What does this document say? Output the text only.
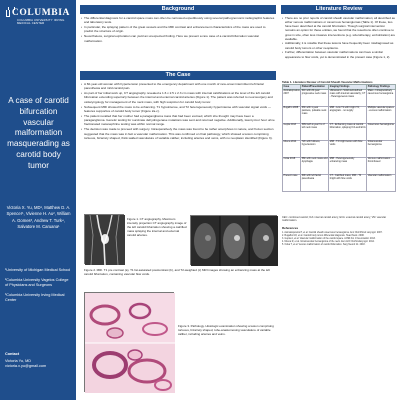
COLUMBIA
COLUMBIA UNIVERSITY IRVING MEDICAL CENTER
A case of carotid bifurcation vascular malformation masquerading as carotid body tumor
Victoria X. Yu, MD¹, Matthew D. A. Spencer¹, Vivienne H. Au², William A. Gomes³, Andrew T. Turk⁴, Salvatore M. Caruana¹

¹University of Michigan Medical School

²Columbia University Vagelos College of Physicians and Surgeons

³Columbia University Irving Medical Center

Contact
Victoria Yu, MD
victoria.x.yu@gmail.com
Background
• The differential diagnosis for a carotid space mass can often be narrowed expeditiously using several pathognomonic radiographic features and laboratory tests.
• In particular, the splaying pattern of the great vessels and the MRI contrast and enhancement characteristics of the mass are used to predict the structure of origin.
• Nevertheless, surgical exploration can yield an unexpected finding. Here we present a rare case of a carotid bifurcation vascular malformation.
The Case
• A 60-year-old woman with hypertension presented to the emergency department with one month of new-onset intermittent left facial paresthesia and mild carotid pain.
• As part of her initial work up, CT angiography revealed a 1.6 x 2.5 x 2.3 cm mass with internal calcifications at the level of the left carotid bifurcation extending superiorly between the internal and external carotid arteries (Figure 1). The patient was referred to neurosurgery and otolaryngology for management of the neck mass, with high suspicion for carotid body tumor.
• Subsequent MRI showed the mass to be enhancing. T1 hypointense, and T2 heterogeneously hyperintense with vascular signal voids — features supportive of carotid body tumor (Figure 2a-c).
• The patient recalled that her mother had a paraganglioma mass that had been excised, which she thought may have been a paraganglioma. Genetic testing for succinate dehydrogenase mutations was sent and returned negative. Additionally, twenty-four hour urine fractionated metanephrine testing was within normal range.
• The decision was made to proceed with surgery. Intraoperatively the mass was found to be rather amorphous in nature, and frozen section suggested that the mass was in fact a vascular malformation. This was confirmed on final pathology, which showed a lesion comprising tortuous, bizarrely shaped, thick-walled vasculature of variable caliber, including arteries and veins, with no neoplasm identified (Figure 3).
Figure 1. CT angiography. Maximum intensity projection CT angiography image of the left carotid bifurcation showing a calcified mass splaying the internal and external carotid arteries.
Figure 2. MRI. T1 pre contrast (a), T1 fat-saturated postcontrast (b), and T2-weighted (c) MRI images showing an enhancing mass at the left carotid bifurcation, containing vascular flow voids.
Figure 3. Pathology. Histologic examination showing a lesion comprising tortuous, bizarrely shaped, tube-anastomosing vasculature of variable caliber, including arteries and veins.
Literature Review
• There are no prior reports of carotid sheath vascular malformation; all described as either venous malformations or cavernous hemangiomas (Table 1). Of these, two have been described at the carotid bifurcation. Though surgical intervention remains an option for these entities, we found that the resections often continue to grow in size, often less invasive interventions (e.g. sclerotherapy, embolization) are available.
• Additionally, it is notable that these lesions have frequently been misdiagnosed as carotid body tumors or other neoplasms.
• Further, differentiation between vascular malformations can have a similar appearance to flow voids, yet is demonstrated in the present case (Figure 1, 2).
Table 1. Literature Review of Carotid Sheath Vascular Malformations
Case	Patient/Presentation	Imaging Findings	Pathology Findings
Asimakopoulos 2007	61F with 20-year progressive neck mass	Ultrasound - Solid well-defined mass with internal vascularity; CT - Heterogeneous mass	Mass - Intraoperatively cavernous hemangioma
Bugalho 2008	63F with 1-year painless, pulsatile neck mass	MRI - Low T1 with bright T2; angiogram - no supply	Multiple vascular spaces - venous malformation
Gupta 2013	39M with 2-year hx of left neck mass	CT - Enhancing mass at carotid bifurcation, splaying ICA and ECA	Cavernous hemangioma
Mrena 2014	72F with fullness, hypertension	MRI - T2 bright lesion with flow voids	Intramuscular hemangioma
Ooka 2018	58F with neck mass and dysphagia	MRI - Heterogeneously enhancing mass	Venous malformation - thrombosed
Present case	60F with left facial paresthesia	CT - Calcified mass; MRI - T2 bright with flow voids	Vascular malformation
CEC: combined carotid; ICA: internal carotid artery; ECA: external carotid artery; VM: vascular malformation.
References
1. Asimakopoulos P, et al. Carotid sheath cavernous hemangioma. Ann Otol Rhinol Laryngol. 2007.
2. Bugalho MJ, et al. Carotid body tumor differential diagnosis. Head Neck. 2008.
3. Gupta A, et al. Vascular malformation of the carotid space. AJNR Am J Neuroradiol. 2013.
4. Mrena R, et al. Intramuscular hemangioma of the neck. Eur Arch Otorhinolaryngol. 2014.
5. Ooka T, et al. Venous malformation of carotid bifurcation. Surg Neurol Int. 2018.
